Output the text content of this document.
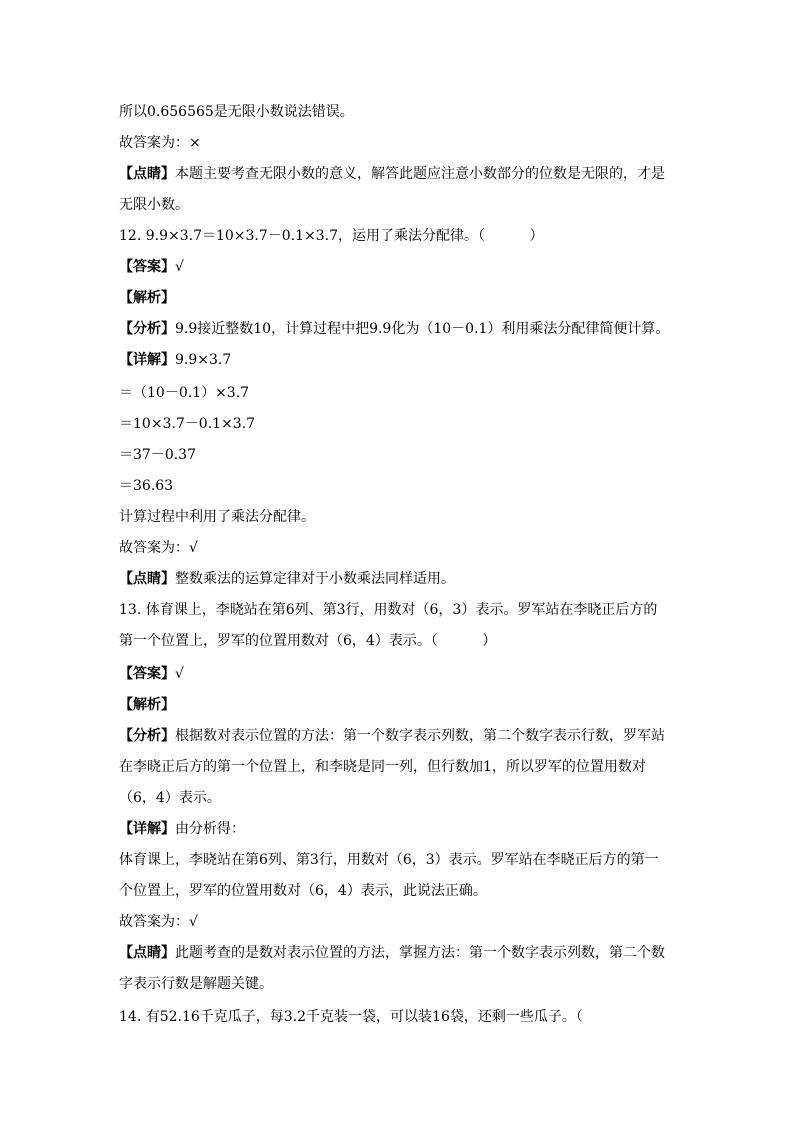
所以0.656565是无限小数说法错误。
故答案为：×
【点睛】本题主要考查无限小数的意义，解答此题应注意小数部分的位数是无限的，才是
无限小数。
12. 9.9×3.7＝10×3.7－0.1×3.7，运用了乘法分配律。（          ）
【答案】√
【解析】
【分析】9.9接近整数10，计算过程中把9.9化为（10－0.1）利用乘法分配律简便计算。
【详解】9.9×3.7
＝（10－0.1）×3.7
＝10×3.7－0.1×3.7
＝37－0.37
＝36.63
计算过程中利用了乘法分配律。
故答案为：√
【点睛】整数乘法的运算定律对于小数乘法同样适用。
13. 体育课上，李晓站在第6列、第3行，用数对（6，3）表示。罗军站在李晓正后方的
第一个位置上，罗军的位置用数对（6，4）表示。（          ）
【答案】√
【解析】
【分析】根据数对表示位置的方法：第一个数字表示列数，第二个数字表示行数，罗军站
在李晓正后方的第一个位置上，和李晓是同一列，但行数加1，所以罗军的位置用数对
（6，4）表示。
【详解】由分析得：
体育课上，李晓站在第6列、第3行，用数对（6，3）表示。罗军站在李晓正后方的第一
个位置上，罗军的位置用数对（6，4）表示，此说法正确。
故答案为：√
【点睛】此题考查的是数对表示位置的方法，掌握方法：第一个数字表示列数，第二个数
字表示行数是解题关键。
14. 有52.16千克瓜子，每3.2千克装一袋，可以装16袋，还剩一些瓜子。（
